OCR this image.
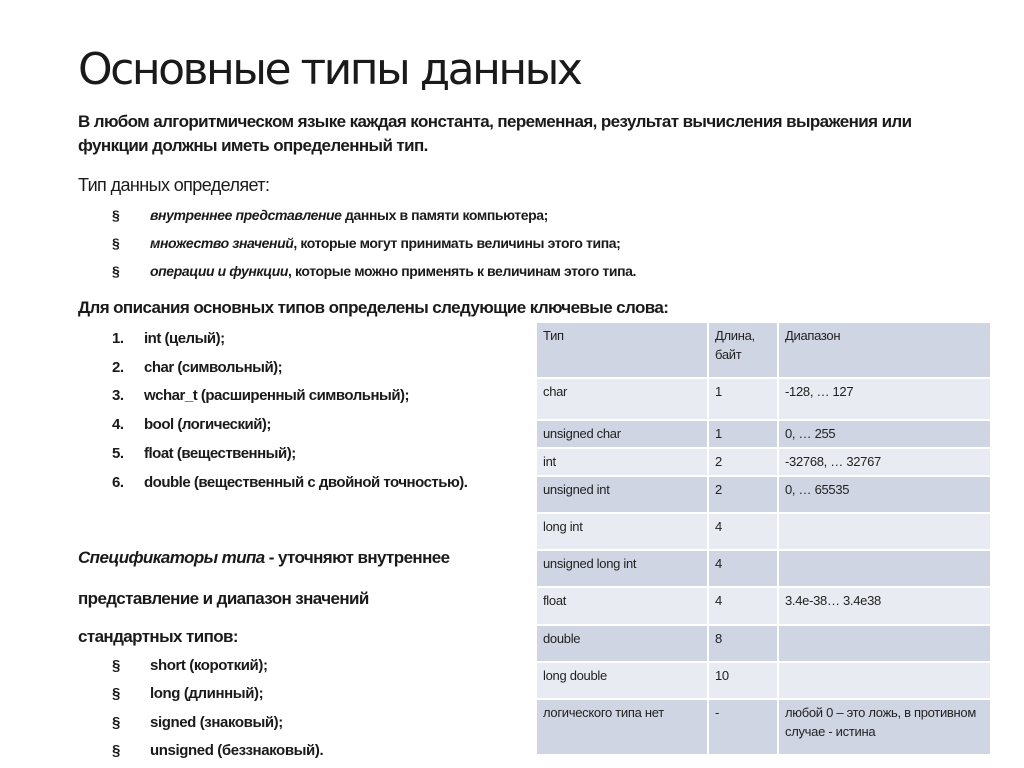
Основные типы данных
В любом алгоритмическом языке каждая константа, переменная, результат вычисления выражения или функции должны иметь определенный тип.
Тип данных определяет:
§ внутреннее представление данных в памяти компьютера;
§ множество значений, которые могут принимать величины этого типа;
§ операции и функции, которые можно применять к величинам этого типа.
Для описания основных типов определены следующие ключевые слова:
1. int (целый);
2. char (символьный);
3. wchar_t (расширенный символьный);
4. bool (логический);
5. float (вещественный);
6. double (вещественный с двойной точностью).
Спецификаторы типа - уточняют внутреннее
представление и диапазон значений
стандартных типов:
§ short (короткий);
§ long (длинный);
§ signed (знаковый);
§ unsigned (беззнаковый).
Тип	Длина, байт	Диапазон
char	1	-128, … 127
unsigned char	1	0, … 255
int	2	-32768, … 32767
unsigned int	2	0, … 65535
long int	4	
unsigned long int	4	
float	4	3.4e-38… 3.4e38
double	8	
long double	10	
логического типа нет	-	любой 0 – это ложь, в противном случае - истина
